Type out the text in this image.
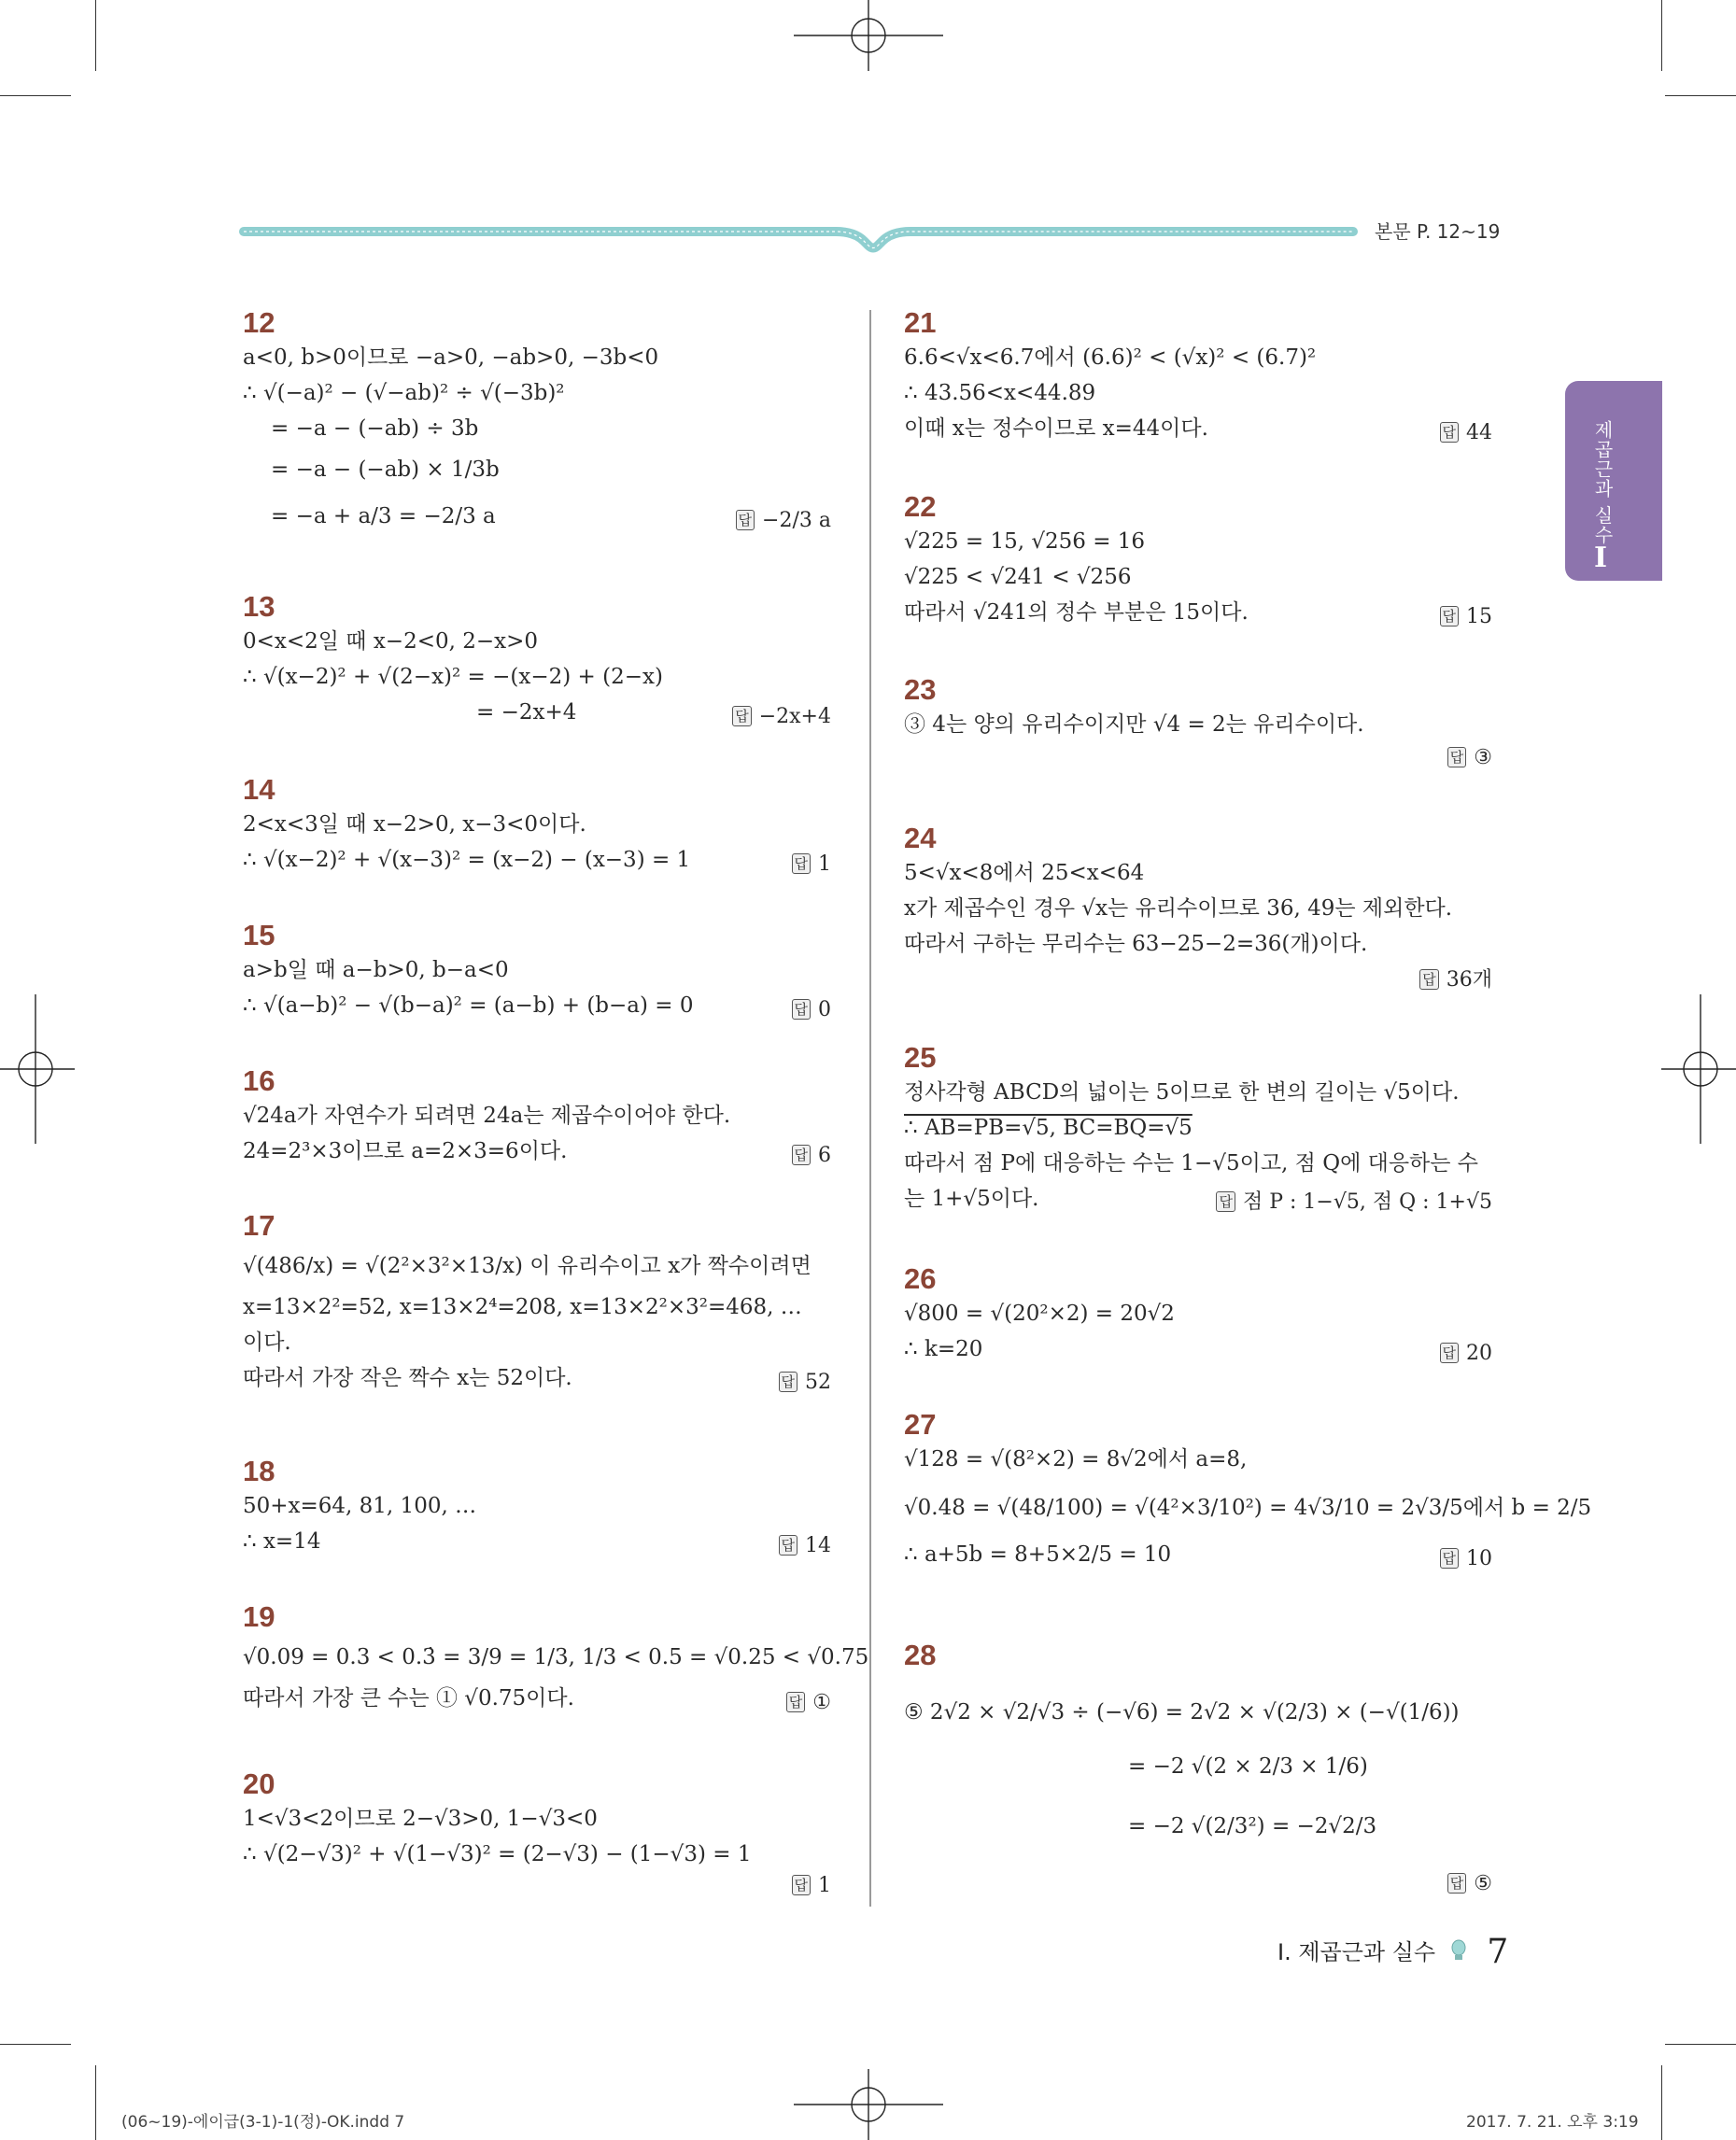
본문 P. 12~19
제곱근과 실수
I
12
a<0, b>0이므로 −a>0, −ab>0, −3b<0
∴ √(−a)² − (√−ab)² ÷ √(−3b)²
= −a − (−ab) ÷ 3b
= −a − (−ab) × 1/3b
= −a + a/3 = −2/3 a	답 −2/3 a
13
0<x<2일 때 x−2<0, 2−x>0
∴ √(x−2)² + √(2−x)² = −(x−2) + (2−x)
= −2x+4	답 −2x+4
14
2<x<3일 때 x−2>0, x−3<0이다.
∴ √(x−2)² + √(x−3)² = (x−2) − (x−3) = 1	답 1
15
a>b일 때 a−b>0, b−a<0
∴ √(a−b)² − √(b−a)² = (a−b) + (b−a) = 0	답 0
16
√24a가 자연수가 되려면 24a는 제곱수이어야 한다.
24=2³×3이므로 a=2×3=6이다.	답 6
17
√(486/x) = √(2²×3²×13/x) 이 유리수이고 x가 짝수이려면
x=13×2²=52, x=13×2⁴=208, x=13×2²×3²=468, …
이다.
따라서 가장 작은 짝수 x는 52이다.	답 52
18
50+x=64, 81, 100, …
∴ x=14	답 14
19
√0.09 = 0.3 < 0.3̇ = 3/9 = 1/3, 1/3 < 0.5 = √0.25 < √0.75
따라서 가장 큰 수는 ① √0.75이다.	답 ①
20
1<√3<2이므로 2−√3>0, 1−√3<0
∴ √(2−√3)² + √(1−√3)² = (2−√3) − (1−√3) = 1
답 1
21
6.6<√x<6.7에서 (6.6)² < (√x)² < (6.7)²
∴ 43.56<x<44.89
이때 x는 정수이므로 x=44이다.	답 44
22
√225 = 15, √256 = 16
√225 < √241 < √256
따라서 √241의 정수 부분은 15이다.	답 15
23
③ 4는 양의 유리수이지만 √4 = 2는 유리수이다.
답 ③
24
5<√x<8에서 25<x<64
x가 제곱수인 경우 √x는 유리수이므로 36, 49는 제외한다.
따라서 구하는 무리수는 63−25−2=36(개)이다.
답 36개
25
정사각형 ABCD의 넓이는 5이므로 한 변의 길이는 √5이다.
∴ AB=PB=√5, BC=BQ=√5
따라서 점 P에 대응하는 수는 1−√5이고, 점 Q에 대응하는 수
는 1+√5이다.	답 점 P : 1−√5, 점 Q : 1+√5
26
√800 = √(20²×2) = 20√2
∴ k=20	답 20
27
√128 = √(8²×2) = 8√2에서 a=8,
√0.48 = √(48/100) = √(4²×3/10²) = 4√3/10 = 2√3/5에서 b = 2/5
∴ a+5b = 8+5×2/5 = 10	답 10
28
⑤ 2√2 × √2/√3 ÷ (−√6) = 2√2 × √(2/3) × (−√(1/6))
= −2 √(2 × 2/3 × 1/6)
= −2 √(2/3²) = −2√2/3
답 ⑤
I. 제곱근과 실수 7
(06~19)-에이급(3-1)-1(정)-OK.indd 7	2017. 7. 21. 오후 3:19
